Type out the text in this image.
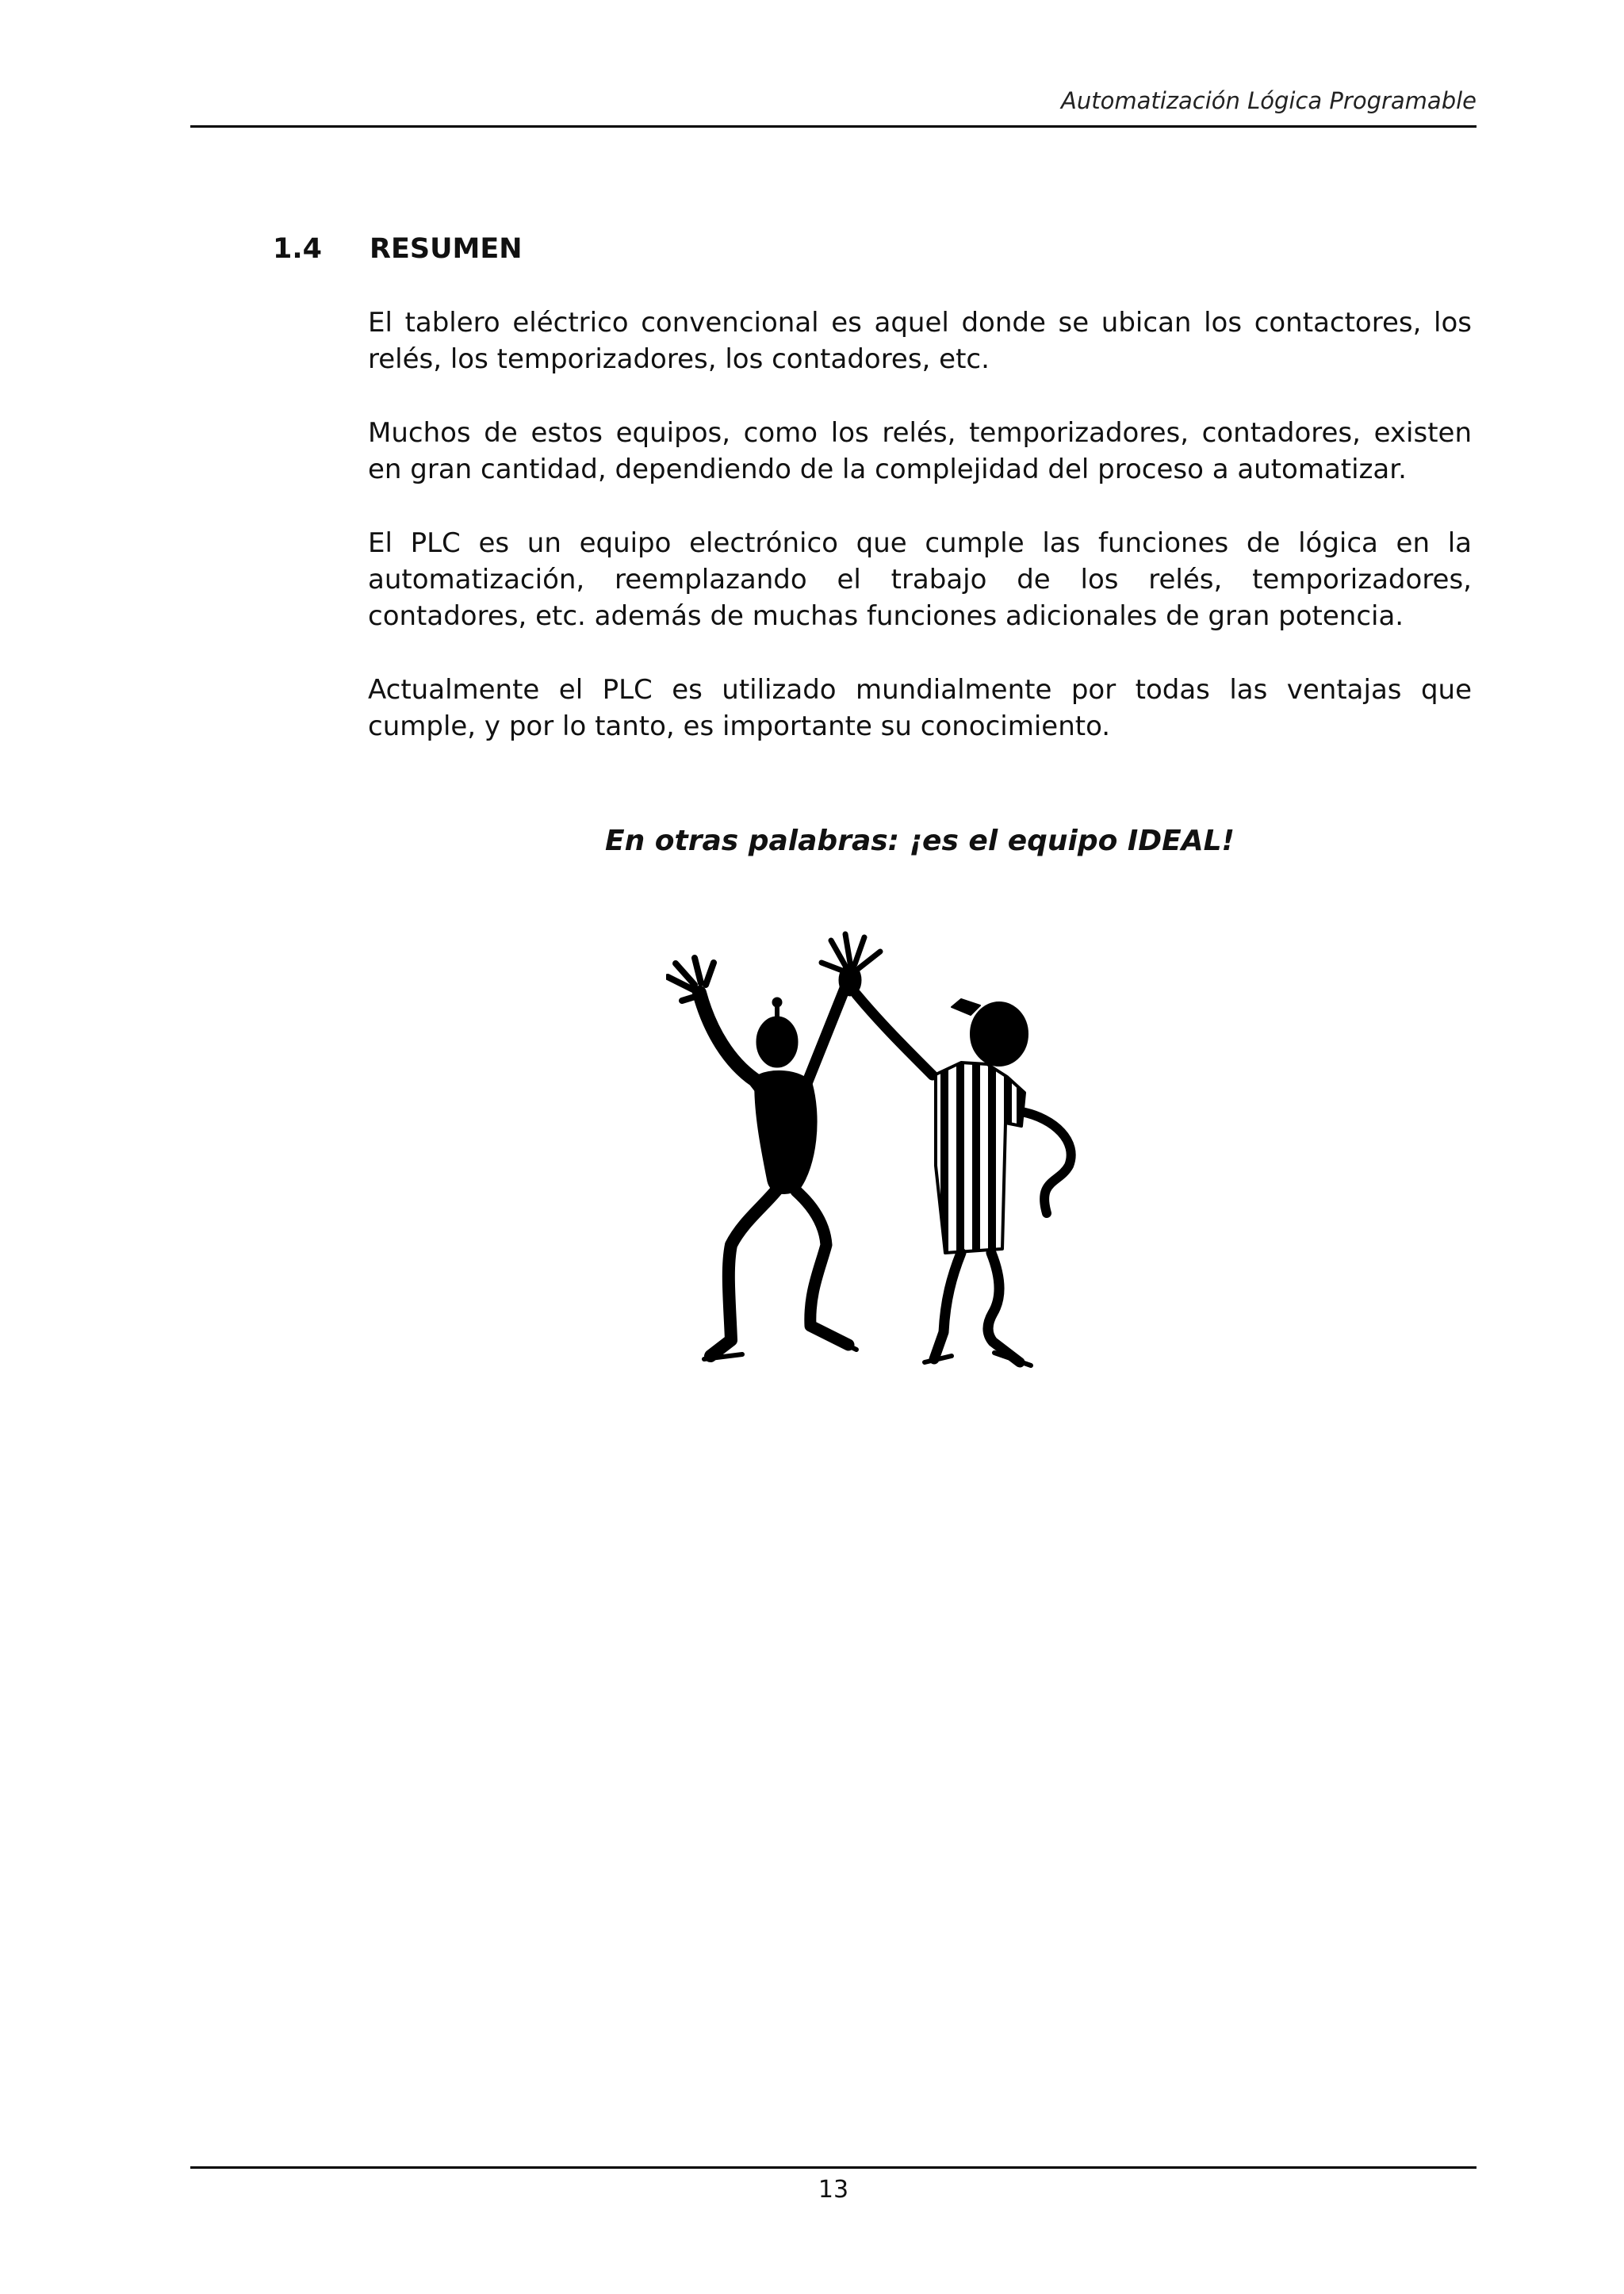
Automatización Lógica Programable
1.4 RESUMEN

El tablero eléctrico convencional es aquel donde se ubican los contactores, los relés, los temporizadores, los contadores, etc.

Muchos de estos equipos, como los relés, temporizadores, contadores, existen en gran cantidad, dependiendo de la complejidad del proceso a automatizar.

El PLC es un equipo electrónico que cumple las funciones de lógica en la automatización, reemplazando el trabajo de los relés, temporizadores, contadores, etc. además de muchas funciones adicionales de gran potencia.

Actualmente el PLC es utilizado mundialmente por todas las ventajas que cumple, y por lo tanto, es importante su conocimiento.

En otras palabras: ¡es el equipo IDEAL!
13
